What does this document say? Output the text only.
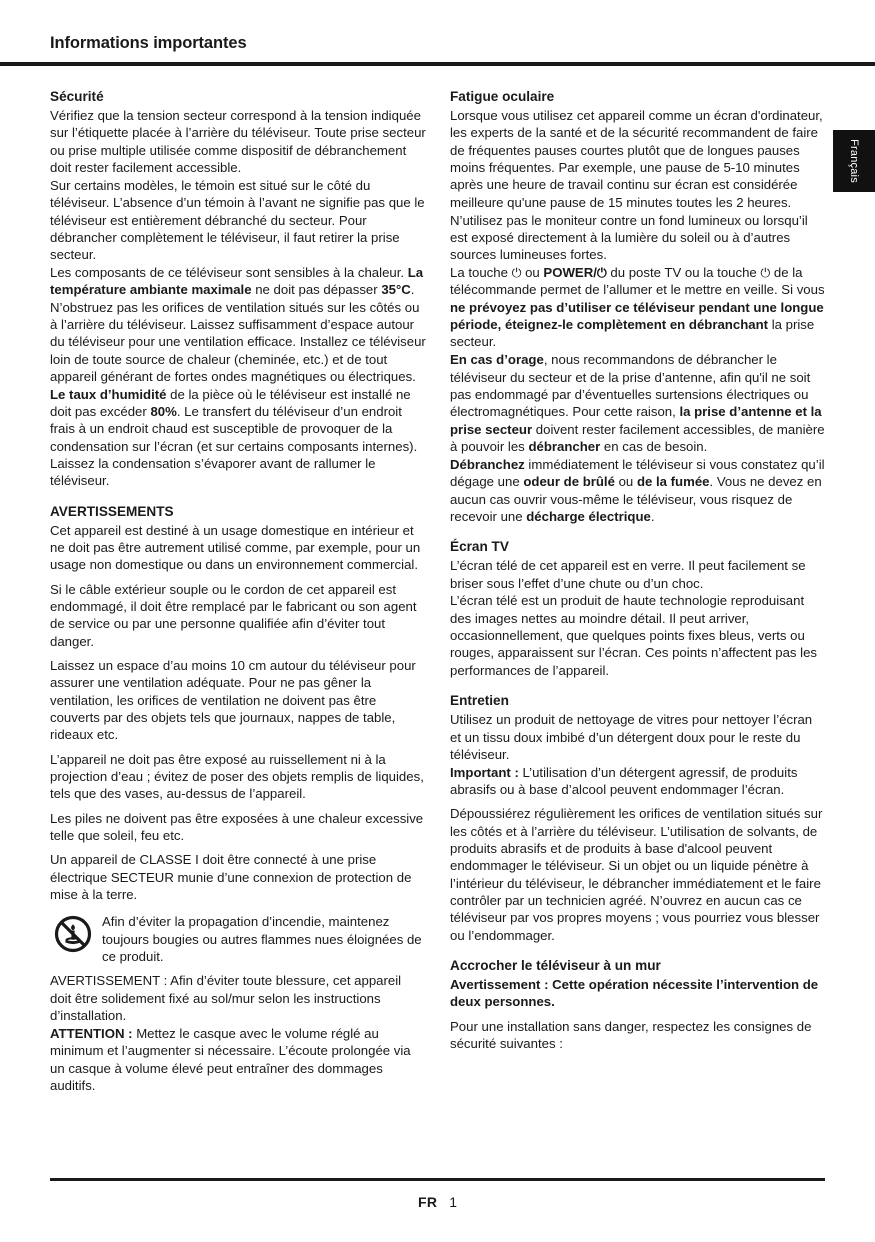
Informations importantes
Français
Sécurité

Vérifiez que la tension secteur correspond à la tension indiquée sur l’étiquette placée à l’arrière du téléviseur. Toute prise secteur ou prise multiple utilisée comme dispositif de débranchement doit rester facilement accessible.

Sur certains modèles, le témoin est situé sur le côté du téléviseur. L’absence d’un témoin à l’avant ne signifie pas que le téléviseur est entièrement débranché du secteur. Pour débrancher complètement le téléviseur, il faut retirer la prise secteur.

Les composants de ce téléviseur sont sensibles à la chaleur. La température ambiante maximale ne doit pas dépasser 35°C. N’obstruez pas les orifices de ventilation situés sur les côtés ou à l’arrière du téléviseur. Laissez suffisamment d’espace autour du téléviseur pour une ventilation efficace. Installez ce téléviseur loin de toute source de chaleur (cheminée, etc.) et de tout appareil générant de fortes ondes magnétiques ou électriques. Le taux d’humidité de la pièce où le téléviseur est installé ne doit pas excéder 80%. Le transfert du téléviseur d’un endroit frais à un endroit chaud est susceptible de provoquer de la condensation sur l’écran (et sur certains composants internes). Laissez la condensation s’évaporer avant de rallumer le téléviseur.

AVERTISSEMENTS

Cet appareil est destiné à un usage domestique en intérieur et ne doit pas être autrement utilisé comme, par exemple, pour un usage non domestique ou dans un environnement commercial.

Si le câble extérieur souple ou le cordon de cet appareil est endommagé, il doit être remplacé par le fabricant ou son agent de service ou par une personne qualifiée afin d’éviter tout danger.

Laissez un espace d’au moins 10 cm autour du téléviseur pour assurer une ventilation adéquate. Pour ne pas gêner la ventilation, les orifices de ventilation ne doivent pas être couverts par des objets tels que journaux, nappes de table, rideaux etc.

L’appareil ne doit pas être exposé au ruissellement ni à la projection d’eau ; évitez de poser des objets remplis de liquides, tels que des vases, au-dessus de l’appareil.

Les piles ne doivent pas être exposées à une chaleur excessive telle que soleil, feu etc.

Un appareil de CLASSE I doit être connecté à une prise électrique SECTEUR munie d’une connexion de protection de mise à la terre.

Afin d’éviter la propagation d’incendie, maintenez toujours bougies ou autres flammes nues éloignées de ce produit.

AVERTISSEMENT : Afin d’éviter toute blessure, cet appareil doit être solidement fixé au sol/mur selon les instructions d’installation.

ATTENTION : Mettez le casque avec le volume réglé au minimum et l’augmenter si nécessaire. L’écoute prolongée via un casque à volume élevé peut entraîner des dommages auditifs.

Fatigue oculaire

Lorsque vous utilisez cet appareil comme un écran d'ordinateur, les experts de la santé et de la sécurité recommandent de faire de fréquentes pauses courtes plutôt que de longues pauses moins fréquentes. Par exemple, une pause de 5-10 minutes après une heure de travail continu sur écran est considérée meilleure qu'une pause de 15 minutes toutes les 2 heures.

N’utilisez pas le moniteur contre un fond lumineux ou lorsqu’il est exposé directement à la lumière du soleil ou à d’autres sources lumineuses fortes.

La touche ⏻ ou POWER/⏻ du poste TV ou la touche ⏻ de la télécommande permet de l’allumer et le mettre en veille. Si vous ne prévoyez pas d’utiliser ce téléviseur pendant une longue période, éteignez-le complètement en débranchant la prise secteur.

En cas d’orage, nous recommandons de débrancher le téléviseur du secteur et de la prise d’antenne, afin qu'il ne soit pas endommagé par d’éventuelles surtensions électriques ou électromagnétiques. Pour cette raison, la prise d’antenne et la prise secteur doivent rester facilement accessibles, de manière à pouvoir les débrancher en cas de besoin.

Débranchez immédiatement le téléviseur si vous constatez qu’il dégage une odeur de brûlé ou de la fumée. Vous ne devez en aucun cas ouvrir vous-même le téléviseur, vous risquez de recevoir une décharge électrique.

Écran TV

L’écran télé de cet appareil est en verre. Il peut facilement se briser sous l’effet d’une chute ou d’un choc.

L’écran télé est un produit de haute technologie reproduisant des images nettes au moindre détail. Il peut arriver, occasionnellement, que quelques points fixes bleus, verts ou rouges, apparaissent sur l’écran. Ces points n’affectent pas les performances de l’appareil.

Entretien

Utilisez un produit de nettoyage de vitres pour nettoyer l’écran et un tissu doux imbibé d’un détergent doux pour le reste du téléviseur.

Important : L’utilisation d’un détergent agressif, de produits abrasifs ou à base d’alcool peuvent endommager l’écran.

Dépoussiérez régulièrement les orifices de ventilation situés sur les côtés et à l’arrière du téléviseur. L’utilisation de solvants, de produits abrasifs et de produits à base d'alcool peuvent endommager le téléviseur. Si un objet ou un liquide pénètre à l’intérieur du téléviseur, le débrancher immédiatement et le faire contrôler par un technicien agréé. N’ouvrez en aucun cas ce téléviseur par vos propres moyens ; vous pourriez vous blesser ou l’endommager.

Accrocher le téléviseur à un mur

Avertissement : Cette opération nécessite l’intervention de deux personnes.

Pour une installation sans danger, respectez les consignes de sécurité suivantes :

FR 1
